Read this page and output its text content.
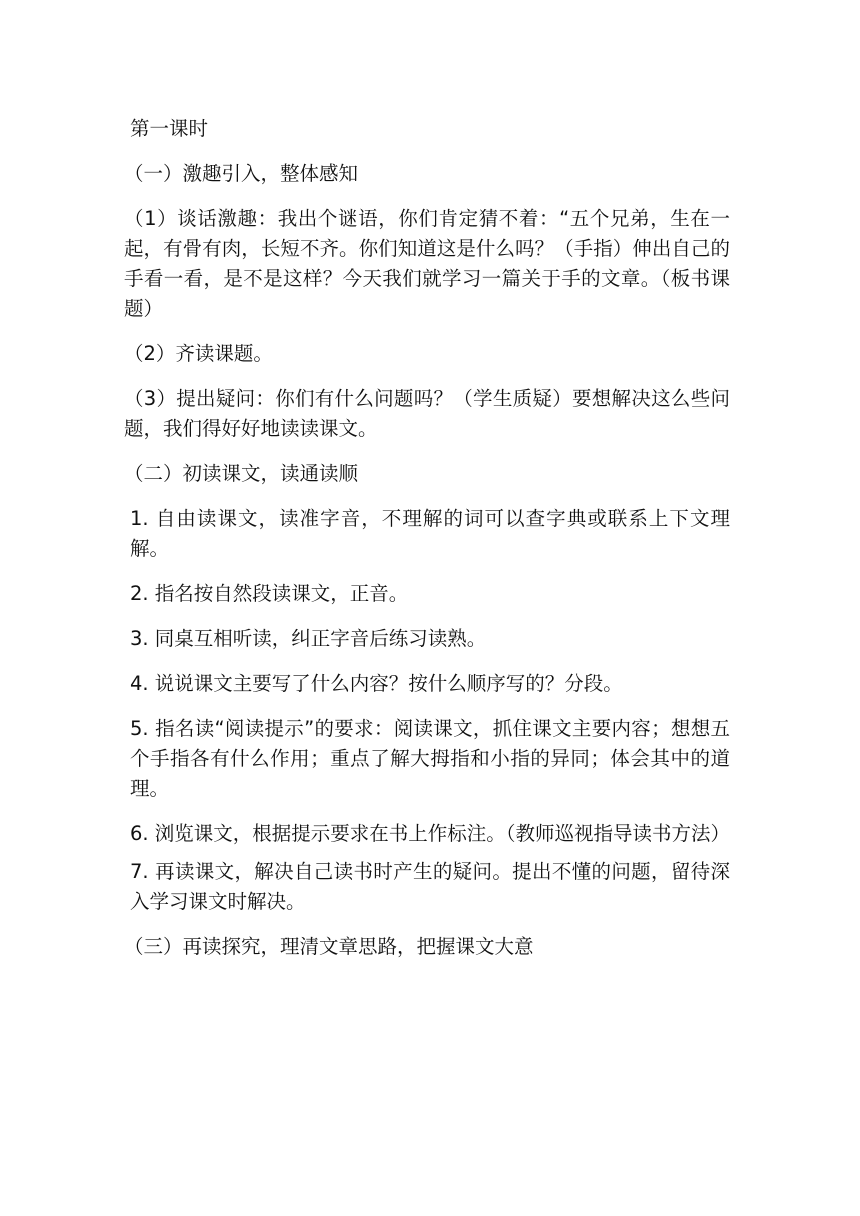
第一课时

（一）激趣引入，整体感知

（1）谈话激趣：我出个谜语，你们肯定猜不着：“五个兄弟，生在一起，有骨有肉，长短不齐。你们知道这是什么吗？（手指）伸出自己的手看一看，是不是这样？今天我们就学习一篇关于手的文章。（板书课题）

（2）齐读课题。

（3）提出疑问：你们有什么问题吗？（学生质疑）要想解决这么些问题，我们得好好地读读课文。

（二）初读课文，读通读顺

1. 自由读课文，读准字音，不理解的词可以查字典或联系上下文理解。

2. 指名按自然段读课文，正音。

3. 同桌互相听读，纠正字音后练习读熟。

4. 说说课文主要写了什么内容？按什么顺序写的？分段。

5. 指名读“阅读提示”的要求：阅读课文，抓住课文主要内容；想想五个手指各有什么作用；重点了解大拇指和小指的异同；体会其中的道理。

6. 浏览课文，根据提示要求在书上作标注。（教师巡视指导读书方法）

7. 再读课文，解决自己读书时产生的疑问。提出不懂的问题，留待深入学习课文时解决。

（三）再读探究，理清文章思路，把握课文大意
